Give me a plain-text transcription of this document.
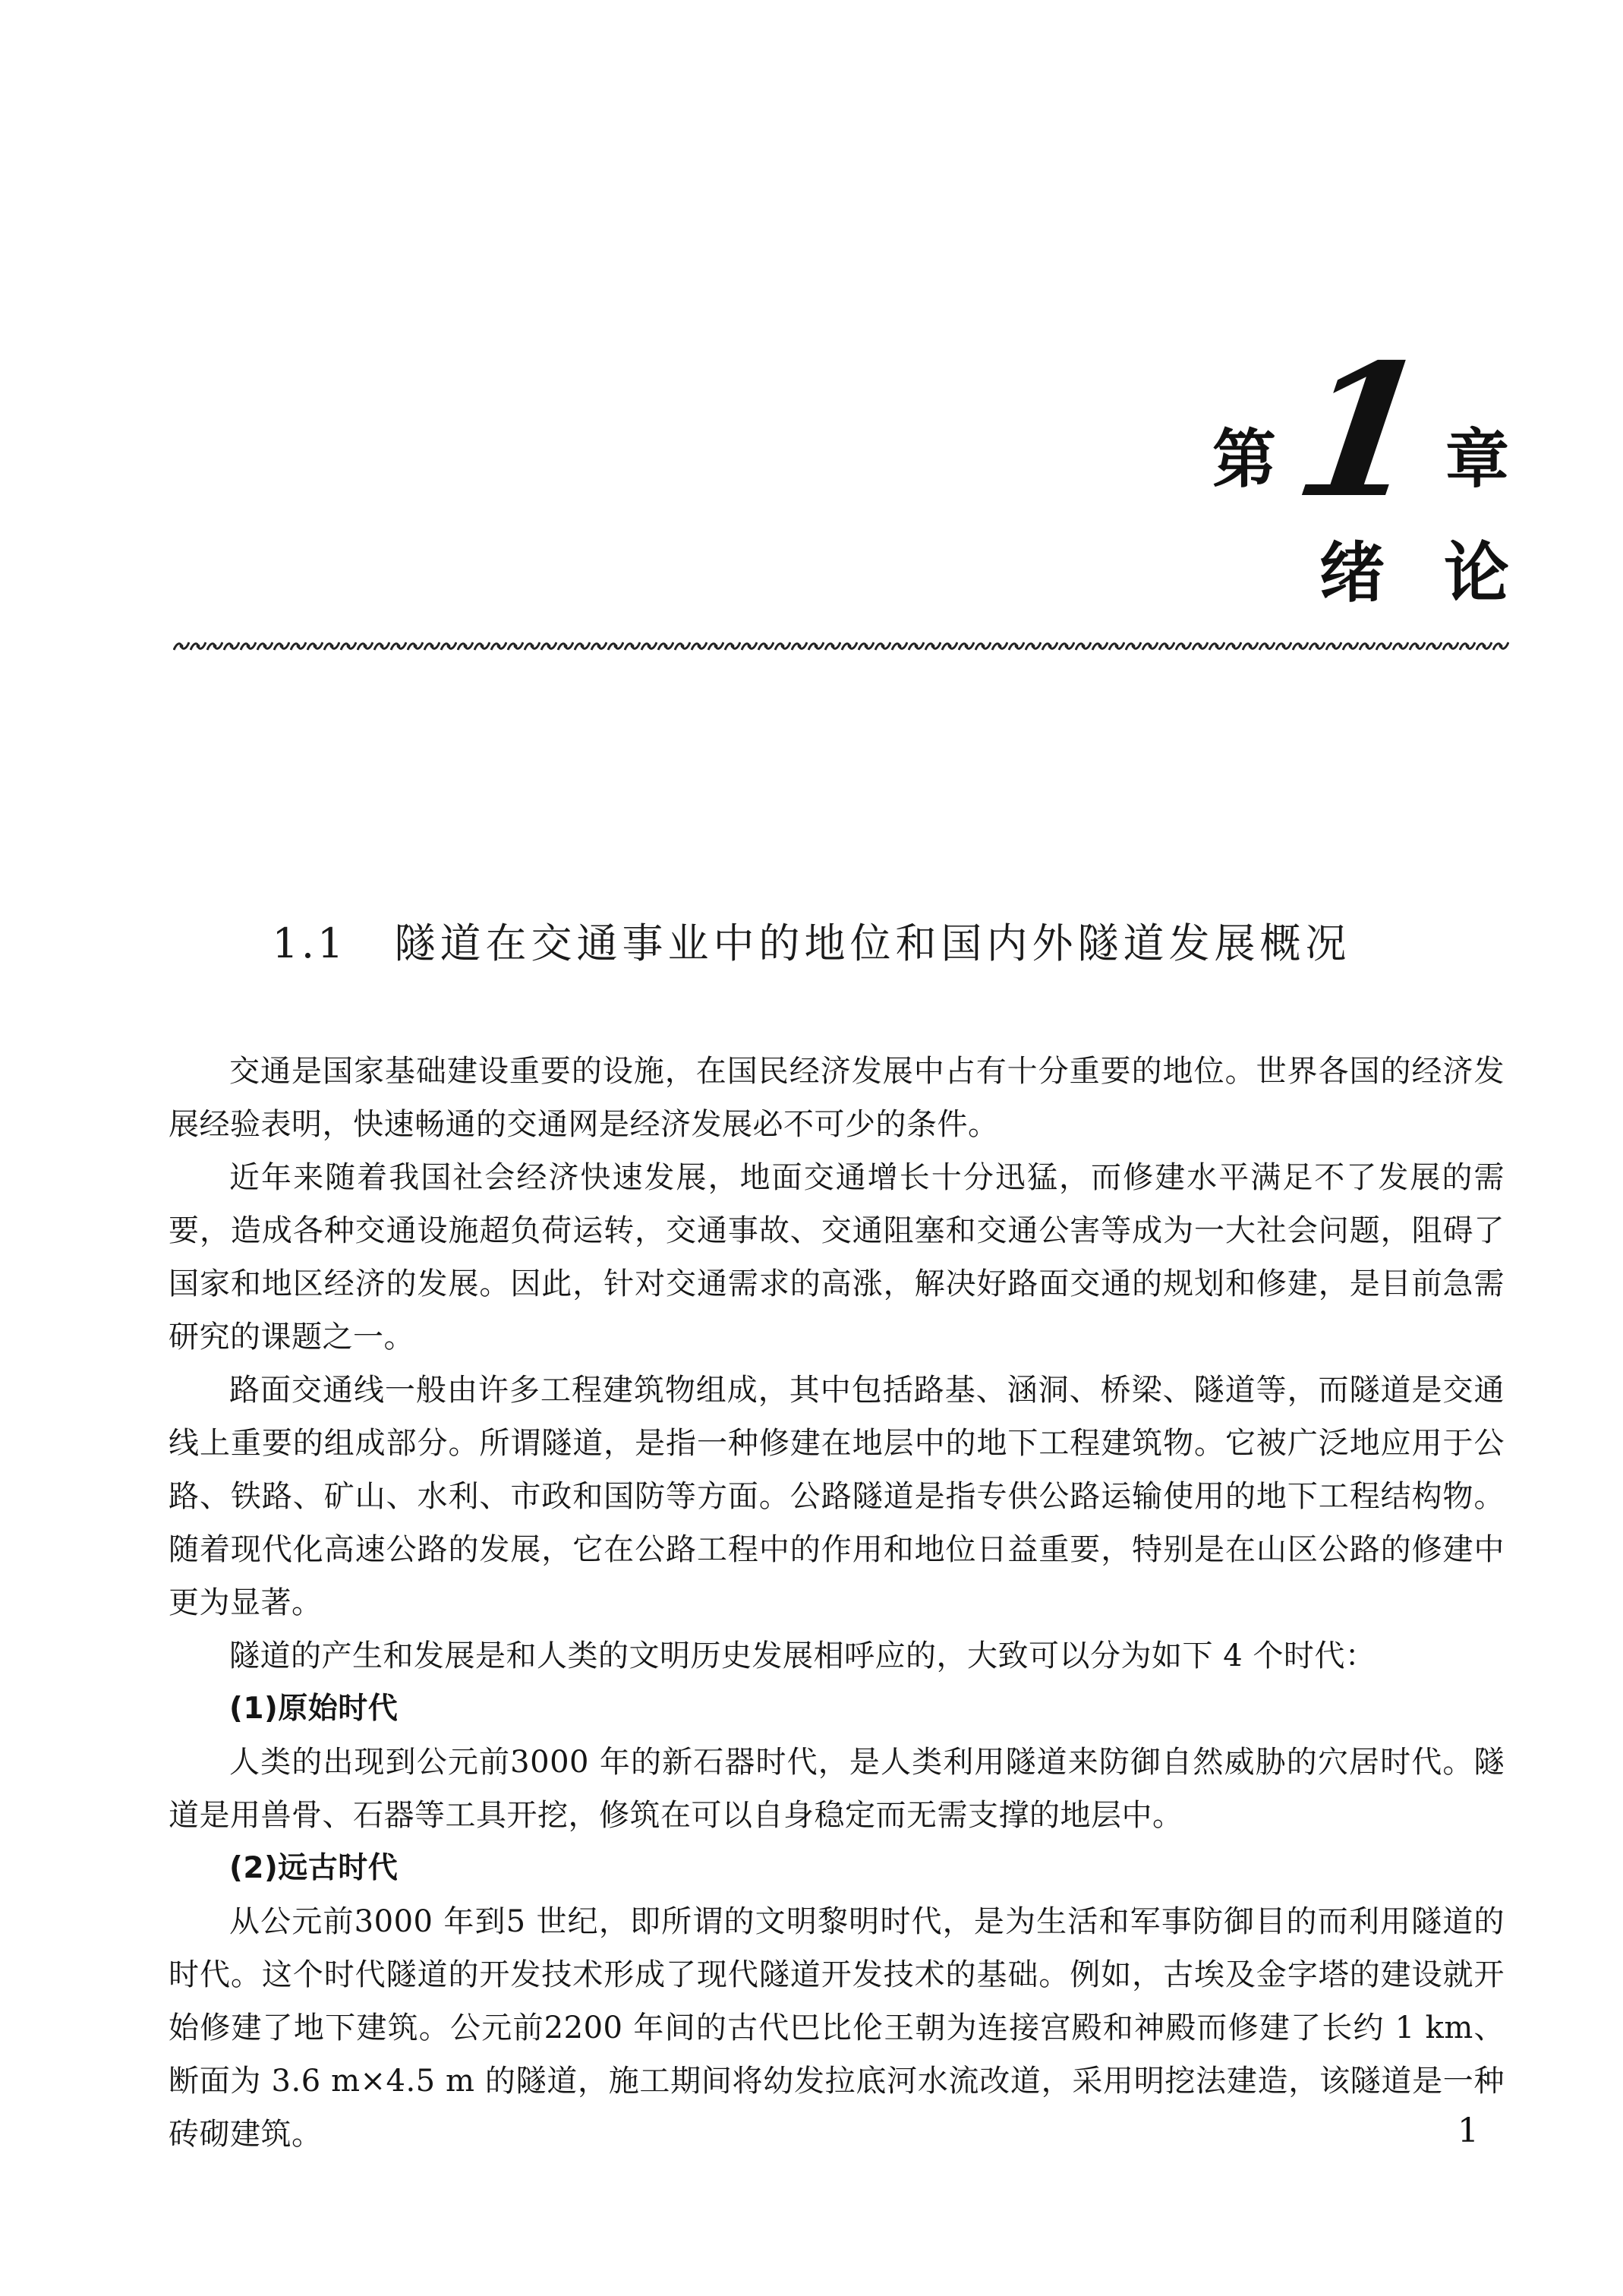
第 1 章
绪论
1.1 隧道在交通事业中的地位和国内外隧道发展概况

交通是国家基础建设重要的设施，在国民经济发展中占有十分重要的地位。世界各国的经济发展经验表明，快速畅通的交通网是经济发展必不可少的条件。

近年来随着我国社会经济快速发展，地面交通增长十分迅猛，而修建水平满足不了发展的需要，造成各种交通设施超负荷运转，交通事故、交通阻塞和交通公害等成为一大社会问题，阻碍了国家和地区经济的发展。因此，针对交通需求的高涨，解决好路面交通的规划和修建，是目前急需研究的课题之一。

路面交通线一般由许多工程建筑物组成，其中包括路基、涵洞、桥梁、隧道等，而隧道是交通线上重要的组成部分。所谓隧道，是指一种修建在地层中的地下工程建筑物。它被广泛地应用于公路、铁路、矿山、水利、市政和国防等方面。公路隧道是指专供公路运输使用的地下工程结构物。随着现代化高速公路的发展，它在公路工程中的作用和地位日益重要，特别是在山区公路的修建中更为显著。

隧道的产生和发展是和人类的文明历史发展相呼应的，大致可以分为如下 4 个时代：

(1)原始时代

人类的出现到公元前3000 年的新石器时代，是人类利用隧道来防御自然威胁的穴居时代。隧道是用兽骨、石器等工具开挖，修筑在可以自身稳定而无需支撑的地层中。

(2)远古时代

从公元前3000 年到5 世纪，即所谓的文明黎明时代，是为生活和军事防御目的而利用隧道的时代。这个时代隧道的开发技术形成了现代隧道开发技术的基础。例如，古埃及金字塔的建设就开始修建了地下建筑。公元前2200 年间的古代巴比伦王朝为连接宫殿和神殿而修建了长约 1 km、断面为 3.6 m×4.5 m 的隧道，施工期间将幼发拉底河水流改道，采用明挖法建造，该隧道是一种砖砌建筑。	1
